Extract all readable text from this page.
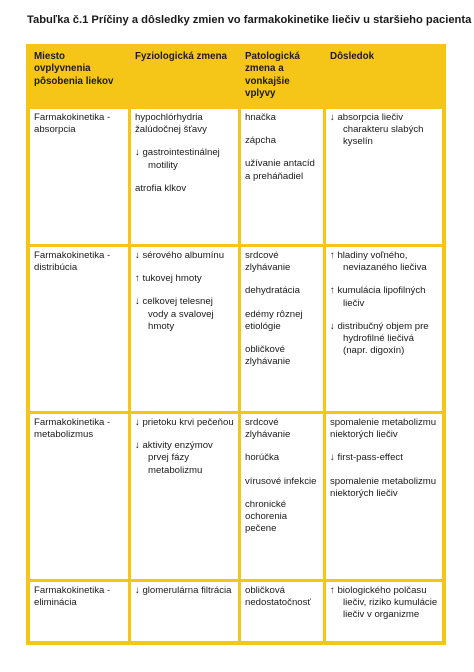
Tabuľka č.1 Príčiny a dôsledky zmien vo farmakokinetike liečiv u staršieho pacienta
Miesto ovplyvnenia pôsobenia liekov
Fyziologická zmena	Patologická zmena a vonkajšie vplyvy
Dôsledok
Farmakokinetika - absorpcia
hypochlórhydria žalúdočnej šťavy
↓ gastrointestinálnej motility
atrofia klkov
hnačka
zápcha
užívanie antacíd a preháňadiel
↓ absorpcia liečiv charakteru slabých kyselín
Farmakokinetika - distribúcia
↓ sérového albumínu
↑ tukovej hmoty
↓ celkovej telesnej vody a svalovej hmoty
srdcové zlyhávanie
dehydratácia
edémy rôznej etiológie
obličkové zlyhávanie
↑ hladiny voľného, neviazaného liečiva
↑ kumulácia lipofilných liečiv
↓ distribučný objem pre hydrofilné liečivá (napr. digoxín)
Farmakokinetika - metabolizmus
↓ prietoku krvi pečeňou
↓ aktivity enzýmov prvej fázy metabolizmu
srdcové zlyhávanie
horúčka
vírusové infekcie
chronické ochorenia pečene
spomalenie metabolizmu niektorých liečiv
↓ first-pass-effect
spomalenie metabolizmu niektorých liečiv
Farmakokinetika - eliminácia
↓ glomerulárna filtrácia obličková nedostatočnosť
↑ biologického polčasu liečiv, riziko kumulácie liečiv v organizme
